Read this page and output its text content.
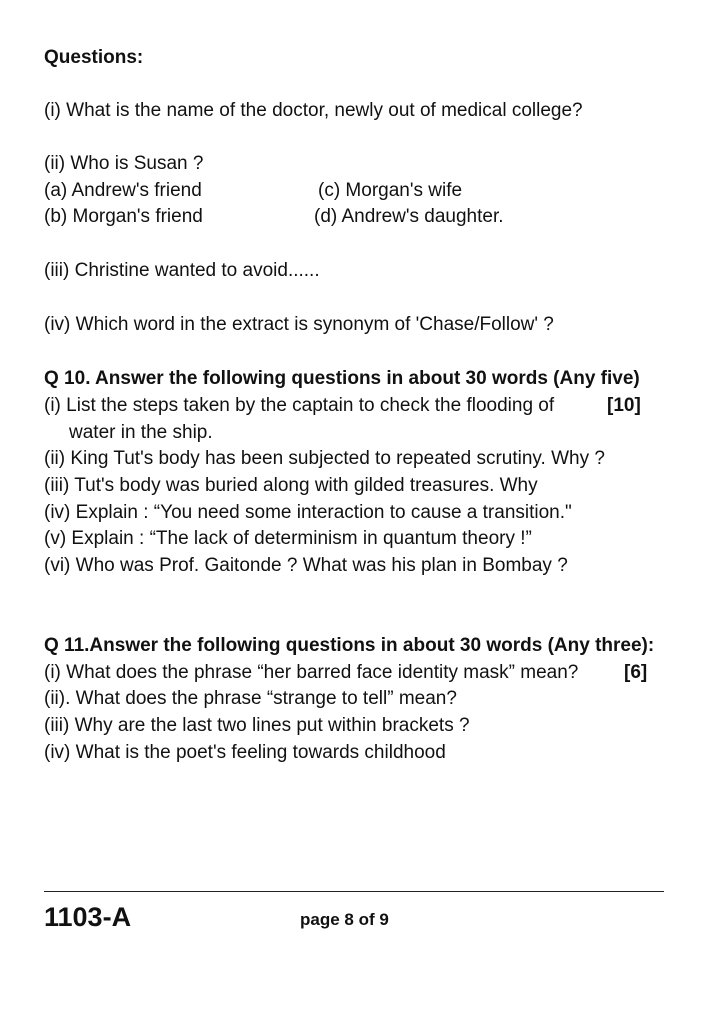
Questions:
(i) What is the name of the doctor, newly out of medical college?
(ii) Who is Susan ?
(a) Andrew's friend	(c) Morgan's wife
(b) Morgan's friend	(d) Andrew's daughter.
(iii) Christine wanted to avoid......
(iv) Which word in the extract is synonym of 'Chase/Follow' ?
Q 10. Answer the following questions in about 30 words (Any five)
(i) List the steps taken by the captain to check the flooding of	[10]
water in the ship.
(ii) King Tut's body has been subjected to repeated scrutiny. Why ?
(iii) Tut's body was buried along with gilded treasures. Why
(iv) Explain : “You need some interaction to cause a transition."
(v) Explain : “The lack of determinism in quantum theory !”
(vi) Who was Prof. Gaitonde ? What was his plan in Bombay ?
Q 11.Answer the following questions in about 30 words (Any three):
(i) What does the phrase “her barred face identity mask” mean? [6]
(ii). What does the phrase “strange to tell” mean?
(iii) Why are the last two lines put within brackets ?
(iv) What is the poet's feeling towards childhood
1103-A	page 8 of 9
